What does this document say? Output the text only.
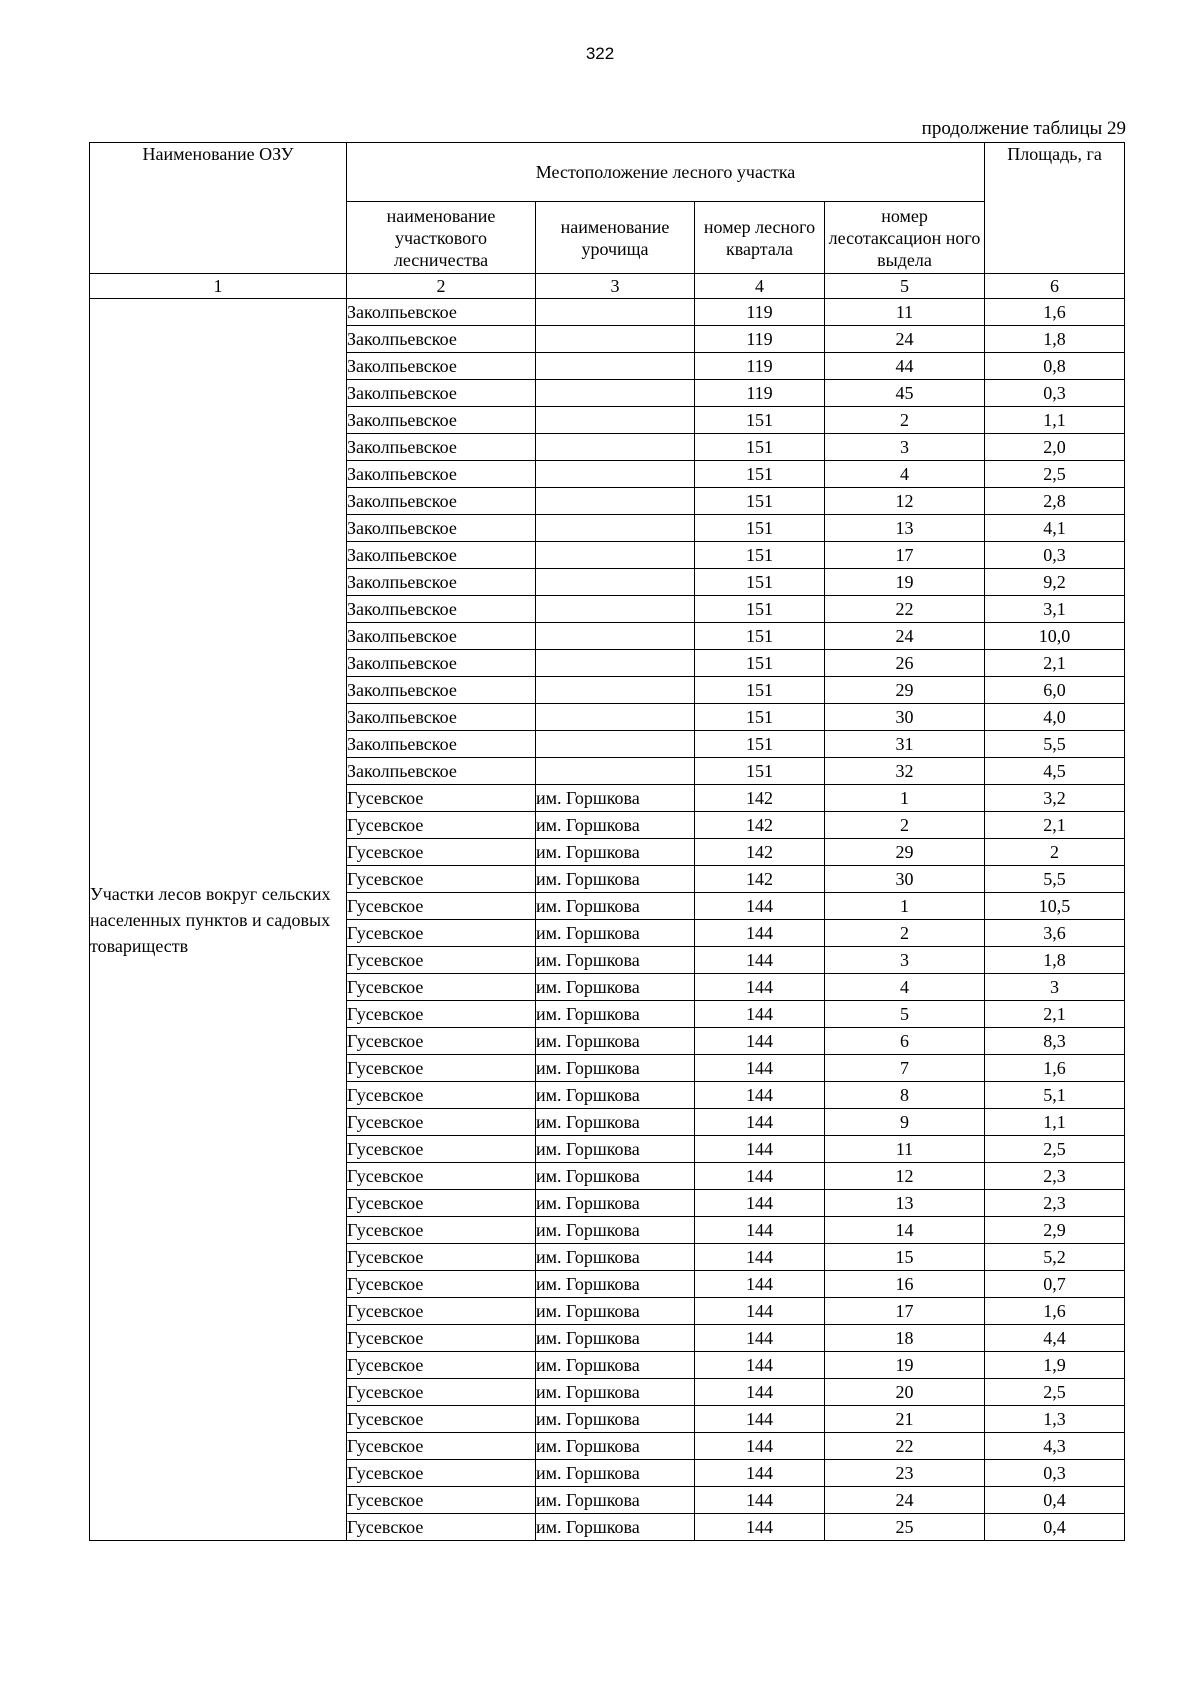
322
продолжение таблицы 29
Наименование ОЗУ	Местоположение лесного участка				Площадь, га
	наименование участкового лесничества	наименование урочища	номер лесного квартала	номер лесотаксацион ного выдела	
1	2	3	4	5	6
Участки лесов вокруг сельских населенных пунктов и садовых товариществ	Заколпьевское		119	11	1,6
	Заколпьевское		119	24	1,8
	Заколпьевское		119	44	0,8
	Заколпьевское		119	45	0,3
	Заколпьевское		151	2	1,1
	Заколпьевское		151	3	2,0
	Заколпьевское		151	4	2,5
	Заколпьевское		151	12	2,8
	Заколпьевское		151	13	4,1
	Заколпьевское		151	17	0,3
	Заколпьевское		151	19	9,2
	Заколпьевское		151	22	3,1
	Заколпьевское		151	24	10,0
	Заколпьевское		151	26	2,1
	Заколпьевское		151	29	6,0
	Заколпьевское		151	30	4,0
	Заколпьевское		151	31	5,5
	Заколпьевское		151	32	4,5
	Гусевское	им. Горшкова	142	1	3,2
	Гусевское	им. Горшкова	142	2	2,1
	Гусевское	им. Горшкова	142	29	2
	Гусевское	им. Горшкова	142	30	5,5
	Гусевское	им. Горшкова	144	1	10,5
	Гусевское	им. Горшкова	144	2	3,6
	Гусевское	им. Горшкова	144	3	1,8
	Гусевское	им. Горшкова	144	4	3
	Гусевское	им. Горшкова	144	5	2,1
	Гусевское	им. Горшкова	144	6	8,3
	Гусевское	им. Горшкова	144	7	1,6
	Гусевское	им. Горшкова	144	8	5,1
	Гусевское	им. Горшкова	144	9	1,1
	Гусевское	им. Горшкова	144	11	2,5
	Гусевское	им. Горшкова	144	12	2,3
	Гусевское	им. Горшкова	144	13	2,3
	Гусевское	им. Горшкова	144	14	2,9
	Гусевское	им. Горшкова	144	15	5,2
	Гусевское	им. Горшкова	144	16	0,7
	Гусевское	им. Горшкова	144	17	1,6
	Гусевское	им. Горшкова	144	18	4,4
	Гусевское	им. Горшкова	144	19	1,9
	Гусевское	им. Горшкова	144	20	2,5
	Гусевское	им. Горшкова	144	21	1,3
	Гусевское	им. Горшкова	144	22	4,3
	Гусевское	им. Горшкова	144	23	0,3
	Гусевское	им. Горшкова	144	24	0,4
	Гусевское	им. Горшкова	144	25	0,4
